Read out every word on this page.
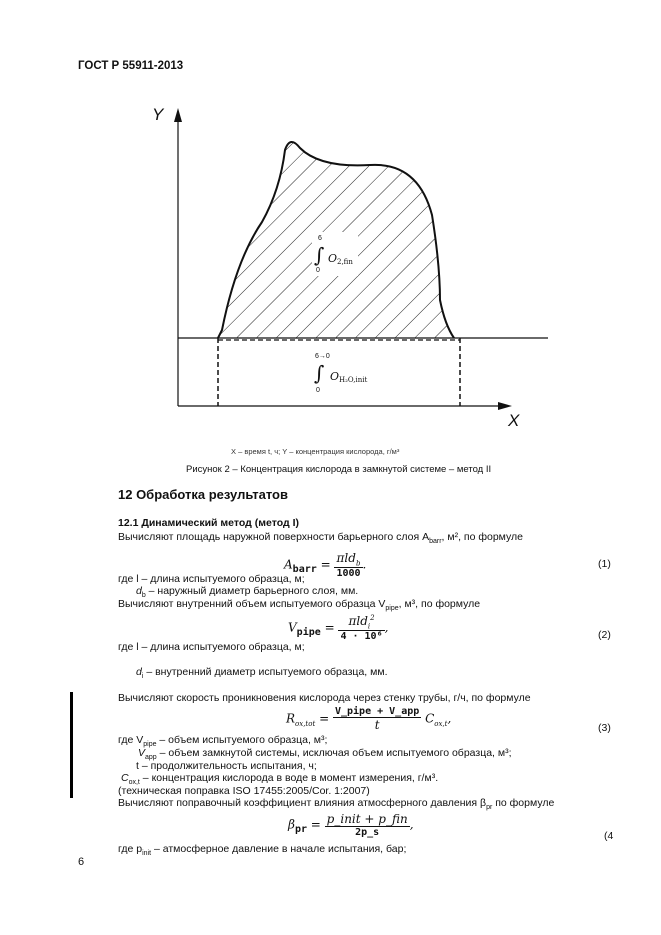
ГОСТ Р 55911-2013
Y
X
∫
6
0
O 2,fin
∫
6→0
0
O H₂O,init
X – время t, ч; Y – концентрация кислорода, г/м³
Рисунок 2 – Концентрация кислорода в замкнутой системе – метод II
12 Обработка результатов
12.1 Динамический метод (метод I)
Вычисляют площадь наружной поверхности барьерного слоя $A_{barr}$, м², по формуле
$A_{barr} = \frac{\pi ld_b}{1000}$ .	(1)
где l – длина испытуемого образца, м;
$d_b$ – наружный диаметр барьерного слоя, мм.
Вычисляют внутренний объем испытуемого образца $V_{pipe}$, м³, по формуле
$V_{pipe} = \frac{\pi ld_i^2}{\text{4 · 10⁶}}$ ,
(2)
где l – длина испытуемого образца, м;
$d_i$ – внутренний диаметр испытуемого образца, мм.
Вычисляют скорость проникновения кислорода через стенку трубы, г/ч, по формуле
$R_{ox,tot} = \frac{\text{V\_pipe + V\_app}}{t} C_{ox,t}$,
(3)
где $V_{pipe}$ – объем испытуемого образца, м³;
$V_{app}$ – объем замкнутой системы, исключая объем испытуемого образца, м³;
t – продолжительность испытания, ч;
$C_{ox,t}$ – концентрация кислорода в воде в момент измерения, г/м³.
(техническая поправка ISO 17455:2005/Cor. 1:2007)
Вычисляют поправочный коэффициент влияния атмосферного давления $\beta_{pr}$ по формуле
$\beta_{pr} = \frac{\text{p\_init + p\_fin}}{2p\_s}$ ,
(4
где $p_{init}$ – атмосферное давление в начале испытания, бар;
6
